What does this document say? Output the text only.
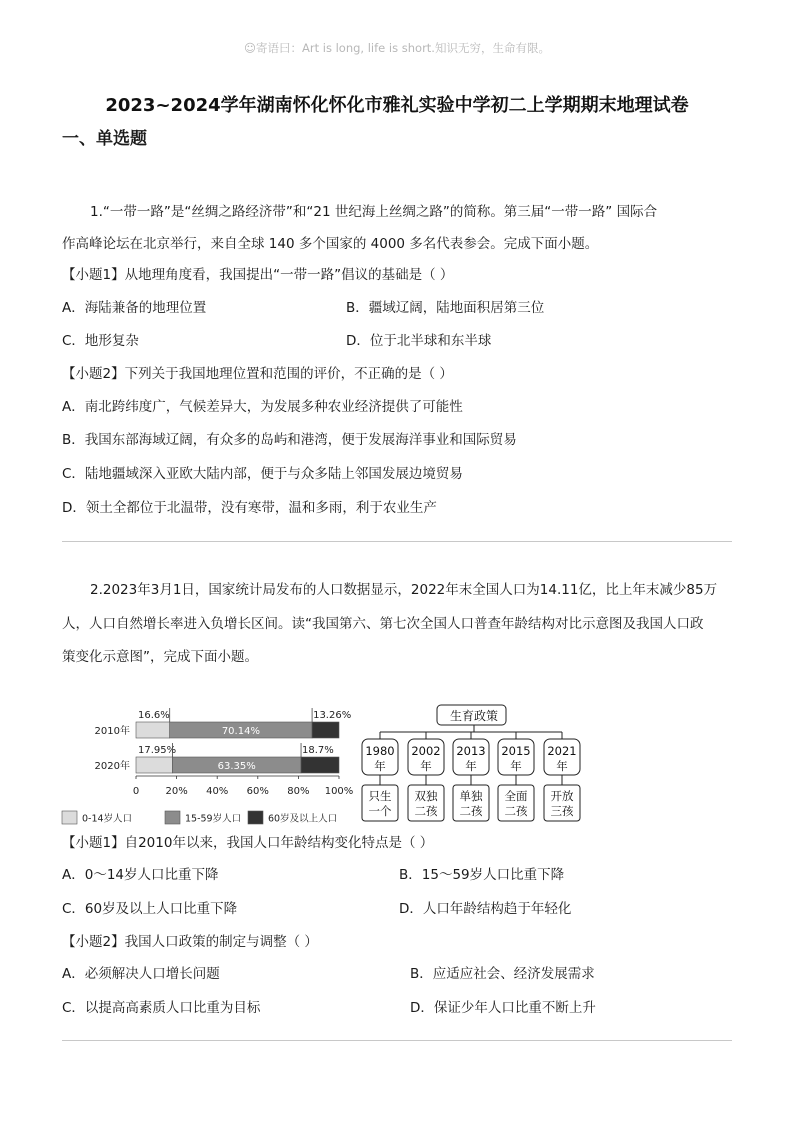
☺寄语曰：Art is long, life is short.知识无穷，生命有限。
2023~2024学年湖南怀化怀化市雅礼实验中学初二上学期期末地理试卷
一、单选题
1.“一带一路”是“丝绸之路经济带”和“21 世纪海上丝绸之路”的简称。第三届“一带一路” 国际合
作高峰论坛在北京举行，来自全球 140 多个国家的 4000 多名代表参会。完成下面小题。
【小题1】从地理角度看，我国提出“一带一路”倡议的基础是（ ）
A．海陆兼备的地理位置	B．疆域辽阔，陆地面积居第三位
C．地形复杂	D．位于北半球和东半球
【小题2】下列关于我国地理位置和范围的评价，不正确的是（ ）
A．南北跨纬度广，气候差异大，为发展多种农业经济提供了可能性
B．我国东部海域辽阔，有众多的岛屿和港湾，便于发展海洋事业和国际贸易
C．陆地疆域深入亚欧大陆内部，便于与众多陆上邻国发展边境贸易
D．领土全都位于北温带，没有寒带，温和多雨，利于农业生产
2.2023年3月1日，国家统计局发布的人口数据显示，2022年末全国人口为14.11亿，比上年末减少85万
人，人口自然增长率进入负增长区间。读“我国第六、第七次全国人口普查年龄结构对比示意图及我国人口政
策变化示意图”，完成下面小题。
2010年
16.6%
70.14%
13.26%
2020年
17.95%
63.35%
18.7%
0	20% 40% 60% 80% 100%
0-14岁人口	15-59岁人口	60岁及以上人口
生育政策
1980
年
只生
一个
2002
年
双独
二孩
2013
年
单独
二孩
2015
年
全面
二孩
2021
年
开放
三孩
【小题1】自2010年以来，我国人口年龄结构变化特点是（ ）
A．0～14岁人口比重下降	B．15～59岁人口比重下降
C．60岁及以上人口比重下降	D．人口年龄结构趋于年轻化
【小题2】我国人口政策的制定与调整（ ）
A．必须解决人口增长问题	B．应适应社会、经济发展需求
C．以提高高素质人口比重为目标	D．保证少年人口比重不断上升
